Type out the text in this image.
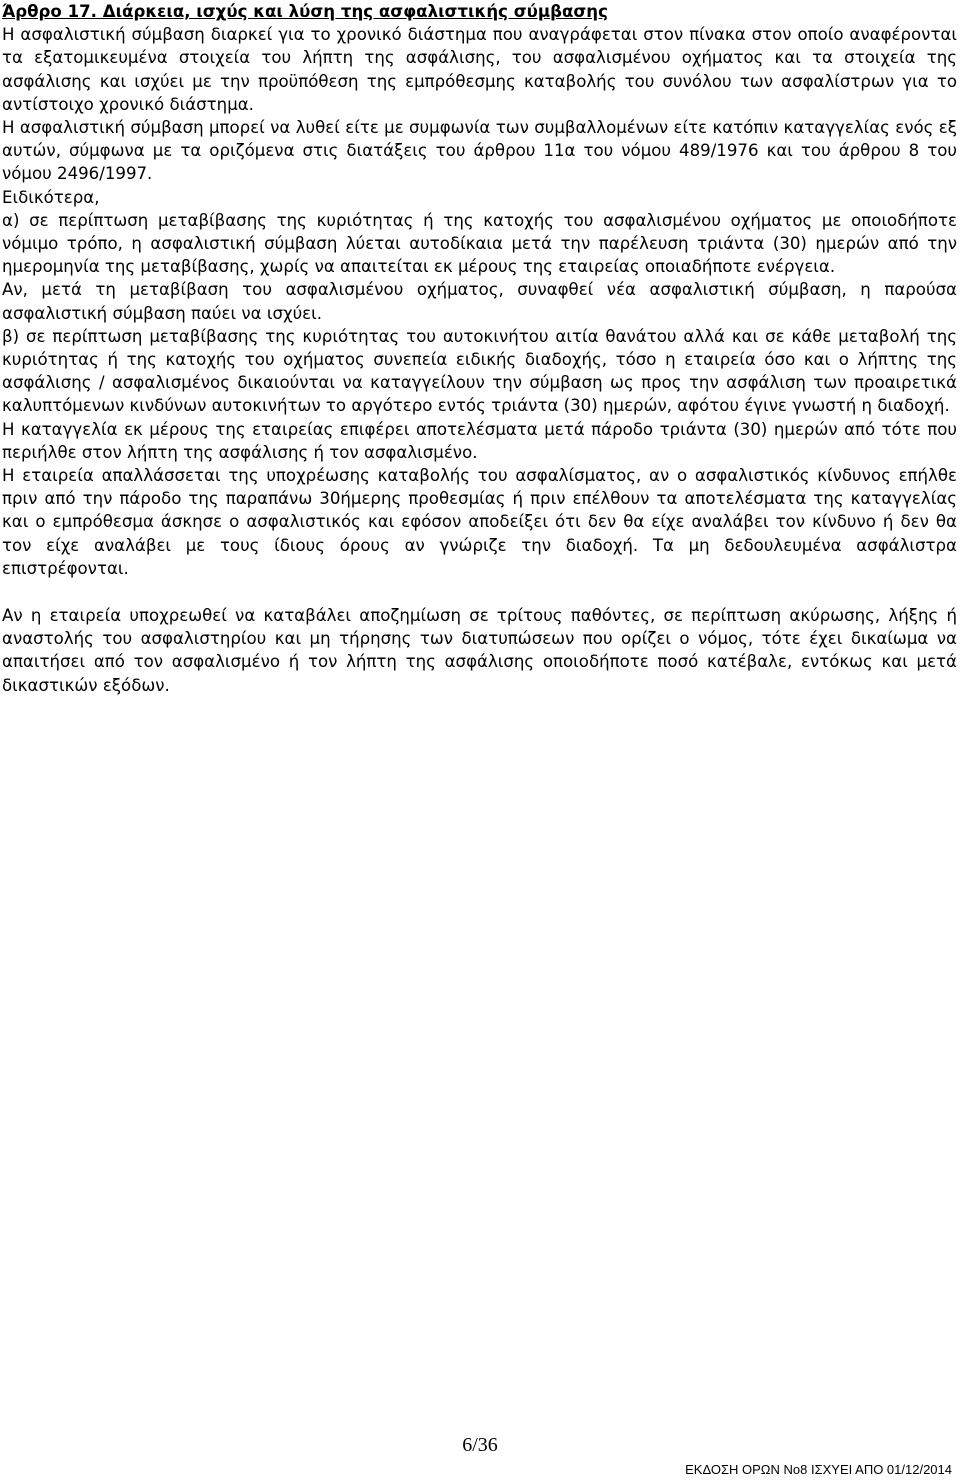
Άρθρο 17. Διάρκεια, ισχύς και λύση της ασφαλιστικής σύμβασης

Η ασφαλιστική σύμβαση διαρκεί για το χρονικό διάστημα που αναγράφεται στον πίνακα στον οποίο αναφέρονται τα εξατομικευμένα στοιχεία του λήπτη της ασφάλισης, του ασφαλισμένου οχήματος και τα στοιχεία της ασφάλισης και ισχύει με την προϋπόθεση της εμπρόθεσμης καταβολής του συνόλου των ασφαλίστρων για το αντίστοιχο χρονικό διάστημα.

Η ασφαλιστική σύμβαση μπορεί να λυθεί είτε με συμφωνία των συμβαλλομένων είτε κατόπιν καταγγελίας ενός εξ αυτών, σύμφωνα με τα οριζόμενα στις διατάξεις του άρθρου 11α του νόμου 489/1976 και του άρθρου 8 του νόμου 2496/1997.

Ειδικότερα,

α) σε περίπτωση μεταβίβασης της κυριότητας ή της κατοχής του ασφαλισμένου οχήματος με οποιοδήποτε νόμιμο τρόπο, η ασφαλιστική σύμβαση λύεται αυτοδίκαια μετά την παρέλευση τριάντα (30) ημερών από την ημερομηνία της μεταβίβασης, χωρίς να απαιτείται εκ μέρους της εταιρείας οποιαδήποτε ενέργεια.

Αν, μετά τη μεταβίβαση του ασφαλισμένου οχήματος, συναφθεί νέα ασφαλιστική σύμβαση, η παρούσα ασφαλιστική σύμβαση παύει να ισχύει.

β) σε περίπτωση μεταβίβασης της κυριότητας του αυτοκινήτου αιτία θανάτου αλλά και σε κάθε μεταβολή της κυριότητας ή της κατοχής του οχήματος συνεπεία ειδικής διαδοχής, τόσο η εταιρεία όσο και ο λήπτης της ασφάλισης / ασφαλισμένος δικαιούνται να καταγγείλουν την σύμβαση ως προς την ασφάλιση των προαιρετικά καλυπτόμενων κινδύνων αυτοκινήτων το αργότερο εντός τριάντα (30) ημερών, αφότου έγινε γνωστή η διαδοχή.

Η καταγγελία εκ μέρους της εταιρείας επιφέρει αποτελέσματα μετά πάροδο τριάντα (30) ημερών από τότε που περιήλθε στον λήπτη της ασφάλισης ή τον ασφαλισμένο.

Η εταιρεία απαλλάσσεται της υποχρέωσης καταβολής του ασφαλίσματος, αν ο ασφαλιστικός κίνδυνος επήλθε πριν από την πάροδο της παραπάνω 30ήμερης προθεσμίας ή πριν επέλθουν τα αποτελέσματα της καταγγελίας και ο εμπρόθεσμα άσκησε ο ασφαλιστικός και εφόσον αποδείξει ότι δεν θα είχε αναλάβει τον κίνδυνο ή δεν θα τον είχε αναλάβει με τους ίδιους όρους αν γνώριζε την διαδοχή. Τα μη δεδουλευμένα ασφάλιστρα επιστρέφονται.

Αν η εταιρεία υποχρεωθεί να καταβάλει αποζημίωση σε τρίτους παθόντες, σε περίπτωση ακύρωσης, λήξης ή αναστολής του ασφαλιστηρίου και μη τήρησης των διατυπώσεων που ορίζει ο νόμος, τότε έχει δικαίωμα να απαιτήσει από τον ασφαλισμένο ή τον λήπτη της ασφάλισης οποιοδήποτε ποσό κατέβαλε, εντόκως και μετά δικαστικών εξόδων.

6/36
ΕΚΔΟΣΗ ΟΡΩΝ Νο8 ΙΣΧΥΕΙ ΑΠΟ 01/12/2014
